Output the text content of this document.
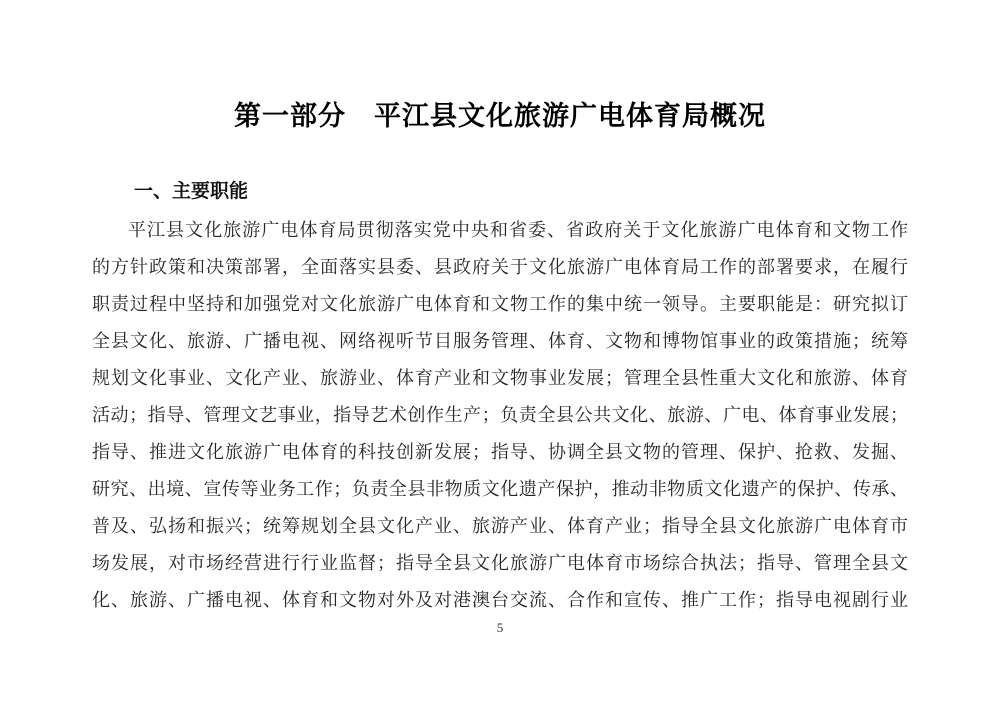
第一部分　平江县文化旅游广电体育局概况
一、主要职能
平江县文化旅游广电体育局贯彻落实党中央和省委、省政府关于文化旅游广电体育和文物工作
的方针政策和决策部署，全面落实县委、县政府关于文化旅游广电体育局工作的部署要求，在履行
职责过程中坚持和加强党对文化旅游广电体育和文物工作的集中统一领导。主要职能是：研究拟订
全县文化、旅游、广播电视、网络视听节目服务管理、体育、文物和博物馆事业的政策措施；统筹
规划文化事业、文化产业、旅游业、体育产业和文物事业发展；管理全县性重大文化和旅游、体育
活动；指导、管理文艺事业，指导艺术创作生产；负责全县公共文化、旅游、广电、体育事业发展；
指导、推进文化旅游广电体育的科技创新发展；指导、协调全县文物的管理、保护、抢救、发掘、
研究、出境、宣传等业务工作；负责全县非物质文化遗产保护，推动非物质文化遗产的保护、传承、
普及、弘扬和振兴；统筹规划全县文化产业、旅游产业、体育产业；指导全县文化旅游广电体育市
场发展，对市场经营进行行业监督；指导全县文化旅游广电体育市场综合执法；指导、管理全县文
化、旅游、广播电视、体育和文物对外及对港澳台交流、合作和宣传、推广工作；指导电视剧行业
5
